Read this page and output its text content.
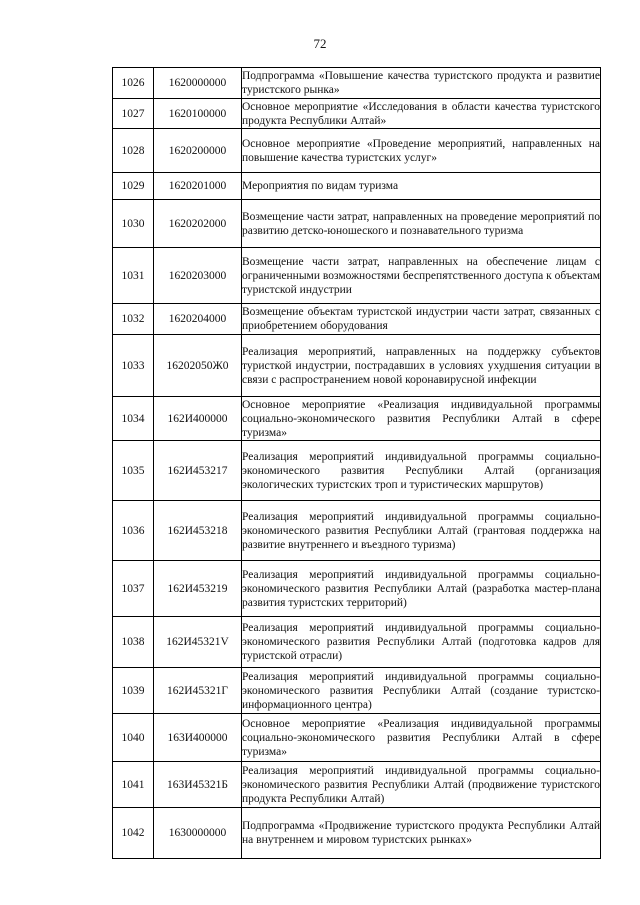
72
1026	1620000000	Подпрограмма «Повышение качества туристского продукта и развитие туристского рынка»
1027	1620100000	Основное мероприятие «Исследования в области качества туристского продукта Республики Алтай»
1028	1620200000	Основное мероприятие «Проведение мероприятий, направленных на повышение качества туристских услуг»
1029	1620201000	Мероприятия по видам туризма
1030	1620202000	Возмещение части затрат, направленных на проведение мероприятий по развитию детско-юношеского и познавательного туризма
1031	1620203000	Возмещение части затрат, направленных на обеспечение лицам с ограниченными возможностями беспрепятственного доступа к объектам туристской индустрии
1032	1620204000	Возмещение объектам туристской индустрии части затрат, связанных с приобретением оборудования
1033	16202050Ж0	Реализация мероприятий, направленных на поддержку субъектов туристкой индустрии, пострадавших в условиях ухудшения ситуации в связи с распространением новой коронавирусной инфекции
1034	162И400000	Основное мероприятие «Реализация индивидуальной программы социально-экономического развития Республики Алтай в сфере туризма»
1035	162И453217	Реализация мероприятий индивидуальной программы социально-экономического развития Республики Алтай (организация экологических туристских троп и туристических маршрутов)
1036	162И453218	Реализация мероприятий индивидуальной программы социально-экономического развития Республики Алтай (грантовая поддержка на развитие внутреннего и въездного туризма)
1037	162И453219	Реализация мероприятий индивидуальной программы социально-экономического развития Республики Алтай (разработка мастер-плана развития туристских территорий)
1038	162И45321V	Реализация мероприятий индивидуальной программы социально-экономического развития Республики Алтай (подготовка кадров для туристской отрасли)
1039	162И45321Г	Реализация мероприятий индивидуальной программы социально-экономического развития Республики Алтай (создание туристско-информационного центра)
1040	163И400000	Основное мероприятие «Реализация индивидуальной программы социально-экономического развития Республики Алтай в сфере туризма»
1041	163И45321Б	Реализация мероприятий индивидуальной программы социально-экономического развития Республики Алтай (продвижение туристского продукта Республики Алтай)
1042	1630000000	Подпрограмма «Продвижение туристского продукта Республики Алтай на внутреннем и мировом туристских рынках»
